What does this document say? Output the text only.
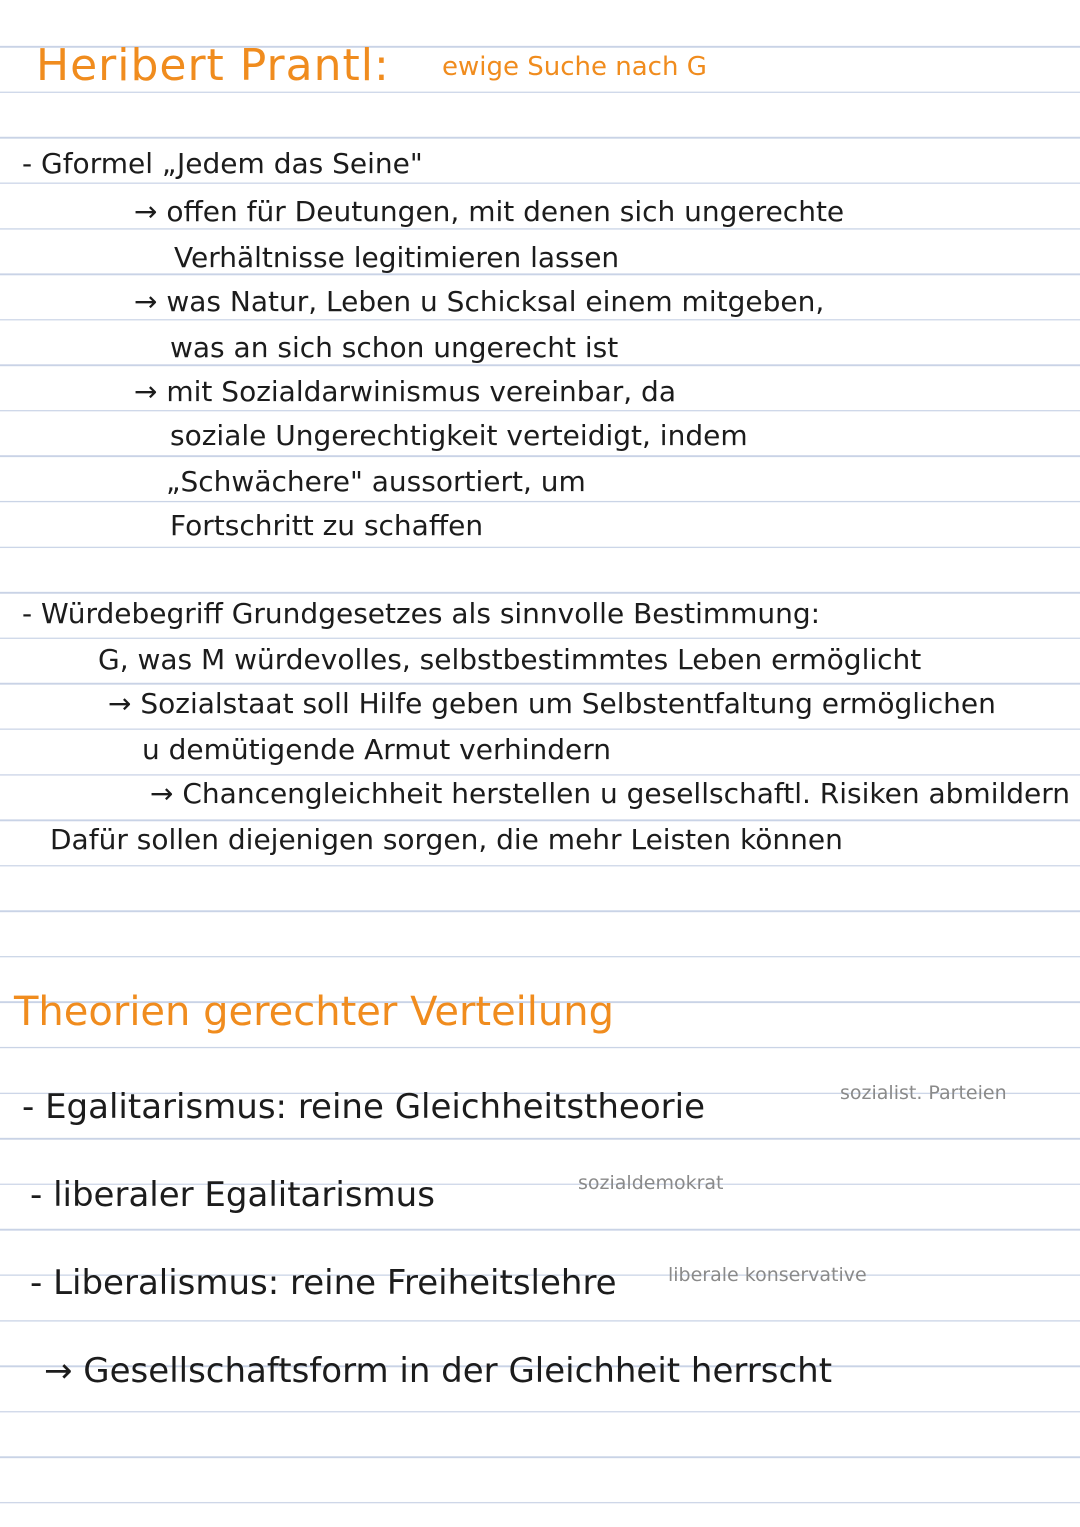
Heribert Prantl: ewige Suche nach G
- Gformel „Jedem das Seine"
→ offen für Deutungen, mit denen sich ungerechte
Verhältnisse legitimieren lassen
→ was Natur, Leben u Schicksal einem mitgeben,
was an sich schon ungerecht ist
→ mit Sozialdarwinismus vereinbar, da
soziale Ungerechtigkeit verteidigt, indem
„Schwächere" aussortiert, um
Fortschritt zu schaffen
- Würdebegriff Grundgesetzes als sinnvolle Bestimmung:
G, was M würdevolles, selbstbestimmtes Leben ermöglicht
→ Sozialstaat soll Hilfe geben um Selbstentfaltung ermöglichen
u demütigende Armut verhindern
→ Chancengleichheit herstellen u gesellschaftl. Risiken abmildern
Dafür sollen diejenigen sorgen, die mehr Leisten können
Theorien gerechter Verteilung
- Egalitarismus: reine Gleichheitstheorie	sozialist. Parteien
- liberaler Egalitarismus	sozialdemokrat
- Liberalismus: reine Freiheitslehre	liberale konservative
→ Gesellschaftsform in der Gleichheit herrscht
